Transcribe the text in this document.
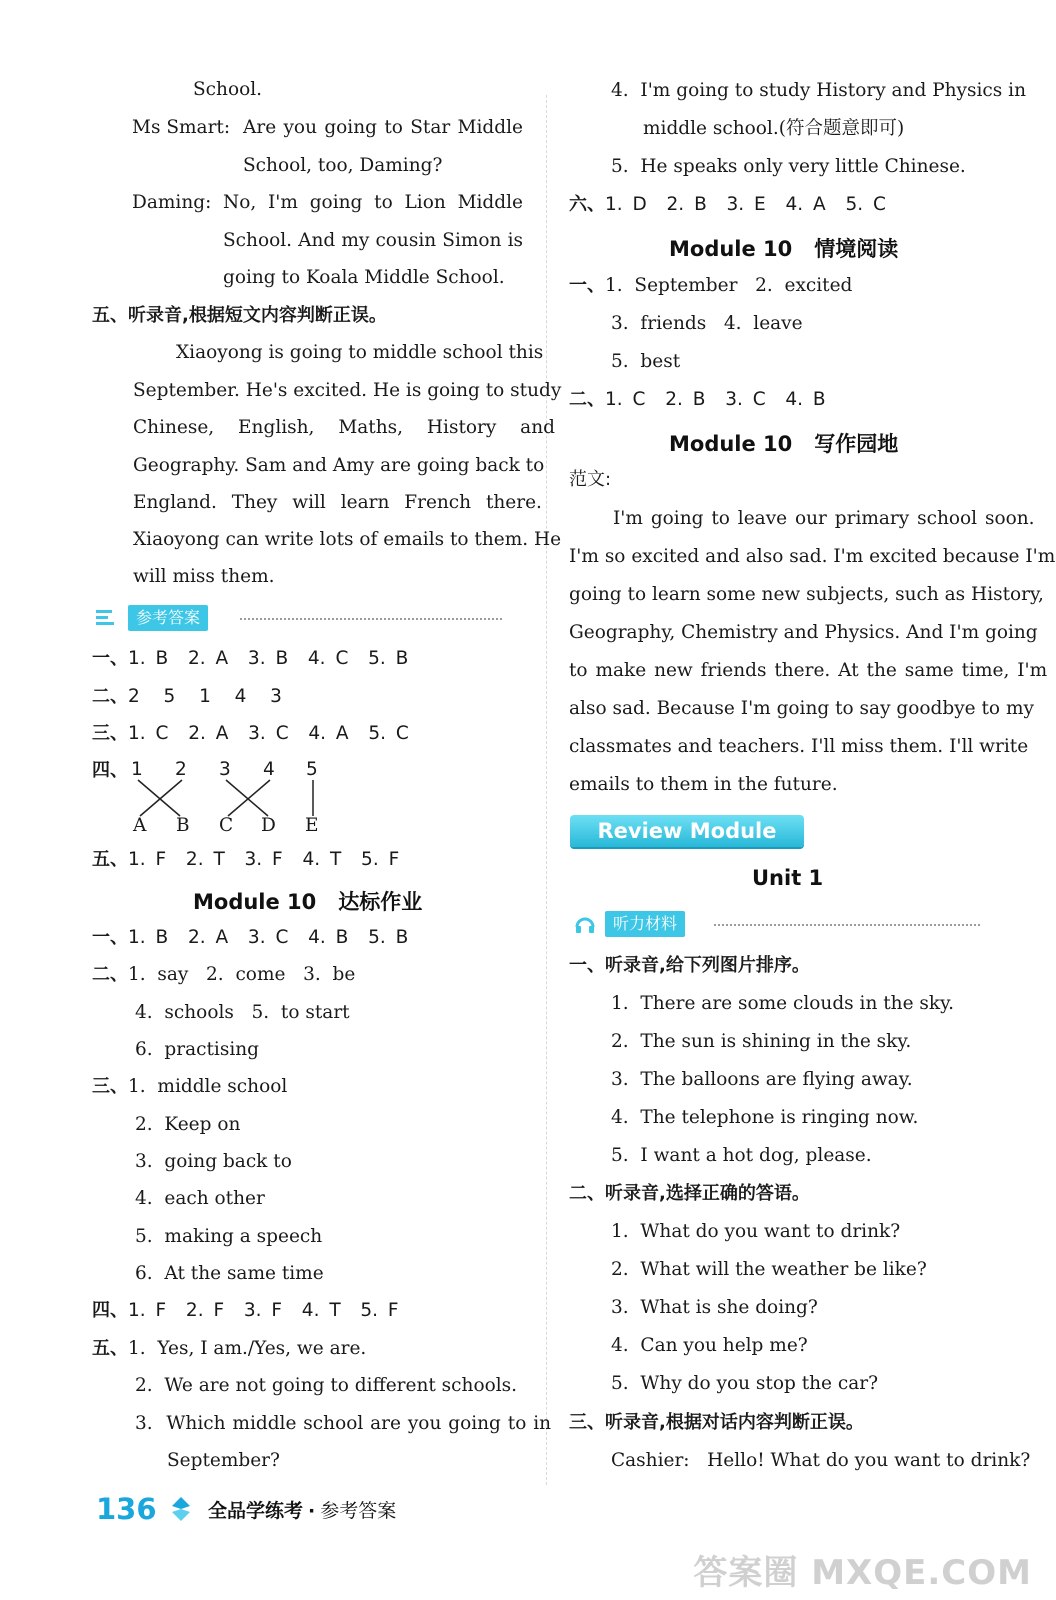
School.
Ms Smart: Are you going to Star Middle
School, too, Daming?
Daming: No, I'm going to Lion Middle
School. And my cousin Simon is
going to Koala Middle School.
五、听录音,根据短文内容判断正误。
Xiaoyong is going to middle school this
September. He's excited. He is going to study
Chinese, English, Maths, History and
Geography. Sam and Amy are going back to
England. They will learn French there.
Xiaoyong can write lots of emails to them. He
will miss them.
参考答案
一、1. B  2. A  3. B  4. C  5. B
二、2  5  1  4  3
三、1. C  2. A  3. C  4. A  5. C
四、 1 2 3 4 5
A B C D E
五、1. F  2. T  3. F  4. T  5. F
Module 10 达标作业
一、1. B  2. A  3. C  4. B  5. B
二、1.  say   2.  come   3.  be
4.  schools   5.  to start
6.  practising
三、1.  middle school
2.  Keep on
3.  going back to
4.  each other
5.  making a speech
6.  At the same time
四、1. F  2. F  3. F  4. T  5. F
五、1.  Yes, I am./Yes, we are.
2.  We are not going to different schools.
3.  Which middle school are you going to in
September?
4.  I'm going to study History and Physics in
middle school.(符合题意即可)
5.  He speaks only very little Chinese.
六、1. D  2. B  3. E  4. A  5. C
Module 10 情境阅读
一、1.  September   2.  excited
3.  friends   4.  leave
5.  best
二、1. C  2. B  3. C  4. B
Module 10 写作园地
范文:
I'm going to leave our primary school soon.
I'm so excited and also sad. I'm excited because I'm
going to learn some new subjects, such as History,
Geography, Chemistry and Physics. And I'm going
to make new friends there. At the same time, I'm
also sad. Because I'm going to say goodbye to my
classmates and teachers. I'll miss them. I'll write
emails to them in the future.
Review Module
Unit 1
听力材料
一、听录音,给下列图片排序。
1.  There are some clouds in the sky.
2.  The sun is shining in the sky.
3.  The balloons are flying away.
4.  The telephone is ringing now.
5.  I want a hot dog, please.
二、听录音,选择正确的答语。
1.  What do you want to drink?
2.  What will the weather be like?
3.  What is she doing?
4.  Can you help me?
5.  Why do you stop the car?
三、听录音,根据对话内容判断正误。
Cashier:   Hello! What do you want to drink?
136	全品学练考 · 参考答案
答案圈 MXQE.COM
